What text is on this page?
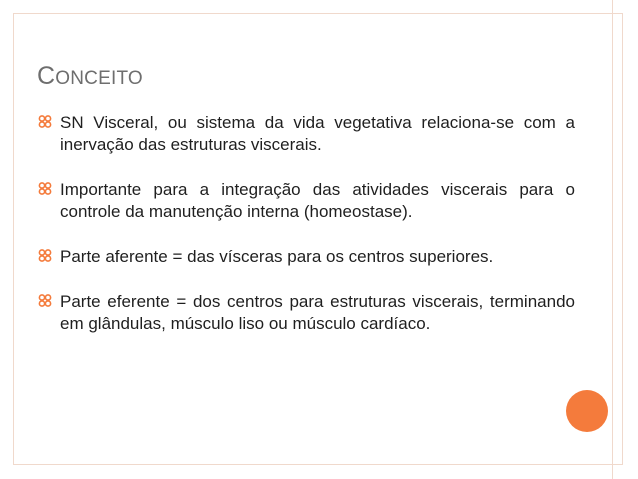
CONCEITO
SN Visceral, ou sistema da vida vegetativa relaciona-se com a inervação das estruturas viscerais.
Importante para a integração das atividades viscerais para o controle da manutenção interna (homeostase).
Parte aferente = das vísceras para os centros superiores.
Parte eferente = dos centros para estruturas viscerais, terminando em glândulas, músculo liso ou músculo cardíaco.
